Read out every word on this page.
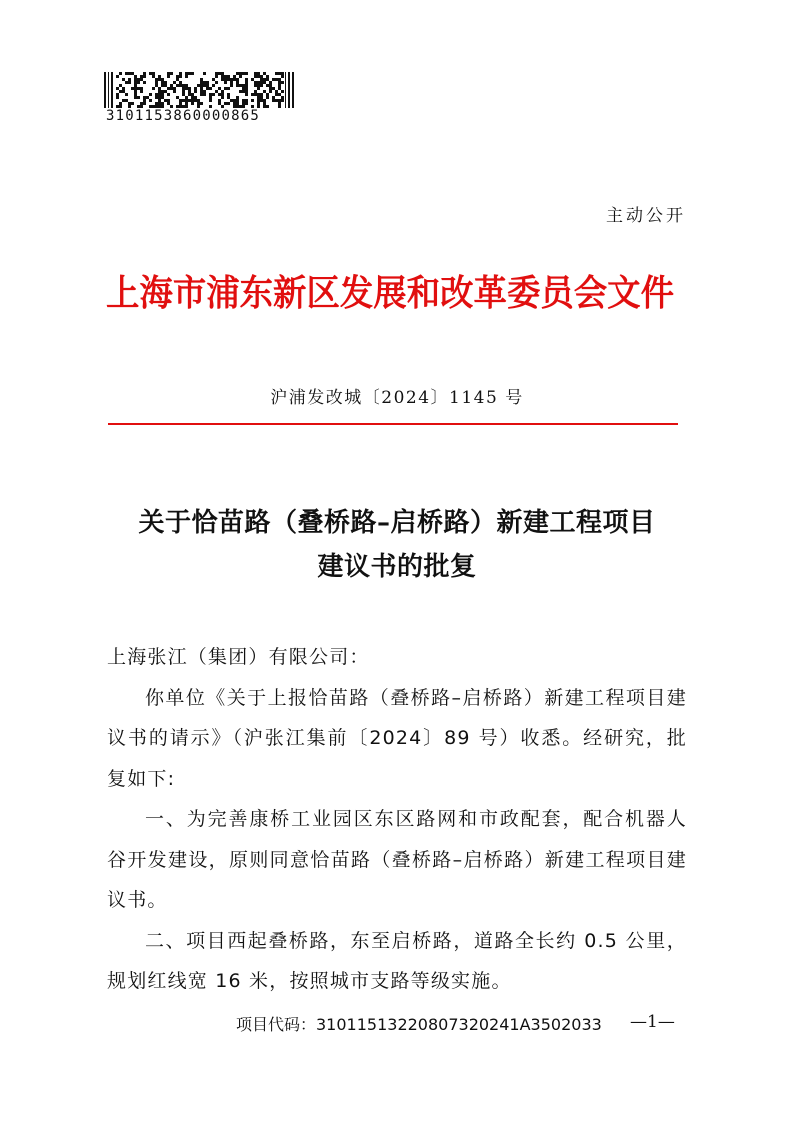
3101153860000865
主动公开
上海市浦东新区发展和改革委员会文件
沪浦发改城〔2024〕1145 号
关于恰苗路（叠桥路–启桥路）新建工程项目
建议书的批复

上海张江（集团）有限公司：

你单位《关于上报恰苗路（叠桥路–启桥路）新建工程项目建议书的请示》（沪张江集前〔2024〕89 号）收悉。经研究，批复如下:

一、为完善康桥工业园区东区路网和市政配套，配合机器人谷开发建设，原则同意恰苗路（叠桥路–启桥路）新建工程项目建议书。

二、项目西起叠桥路，东至启桥路，道路全长约 0.5 公里，规划红线宽 16 米，按照城市支路等级实施。

项目代码：31011513220807320241A3502033 —1—
